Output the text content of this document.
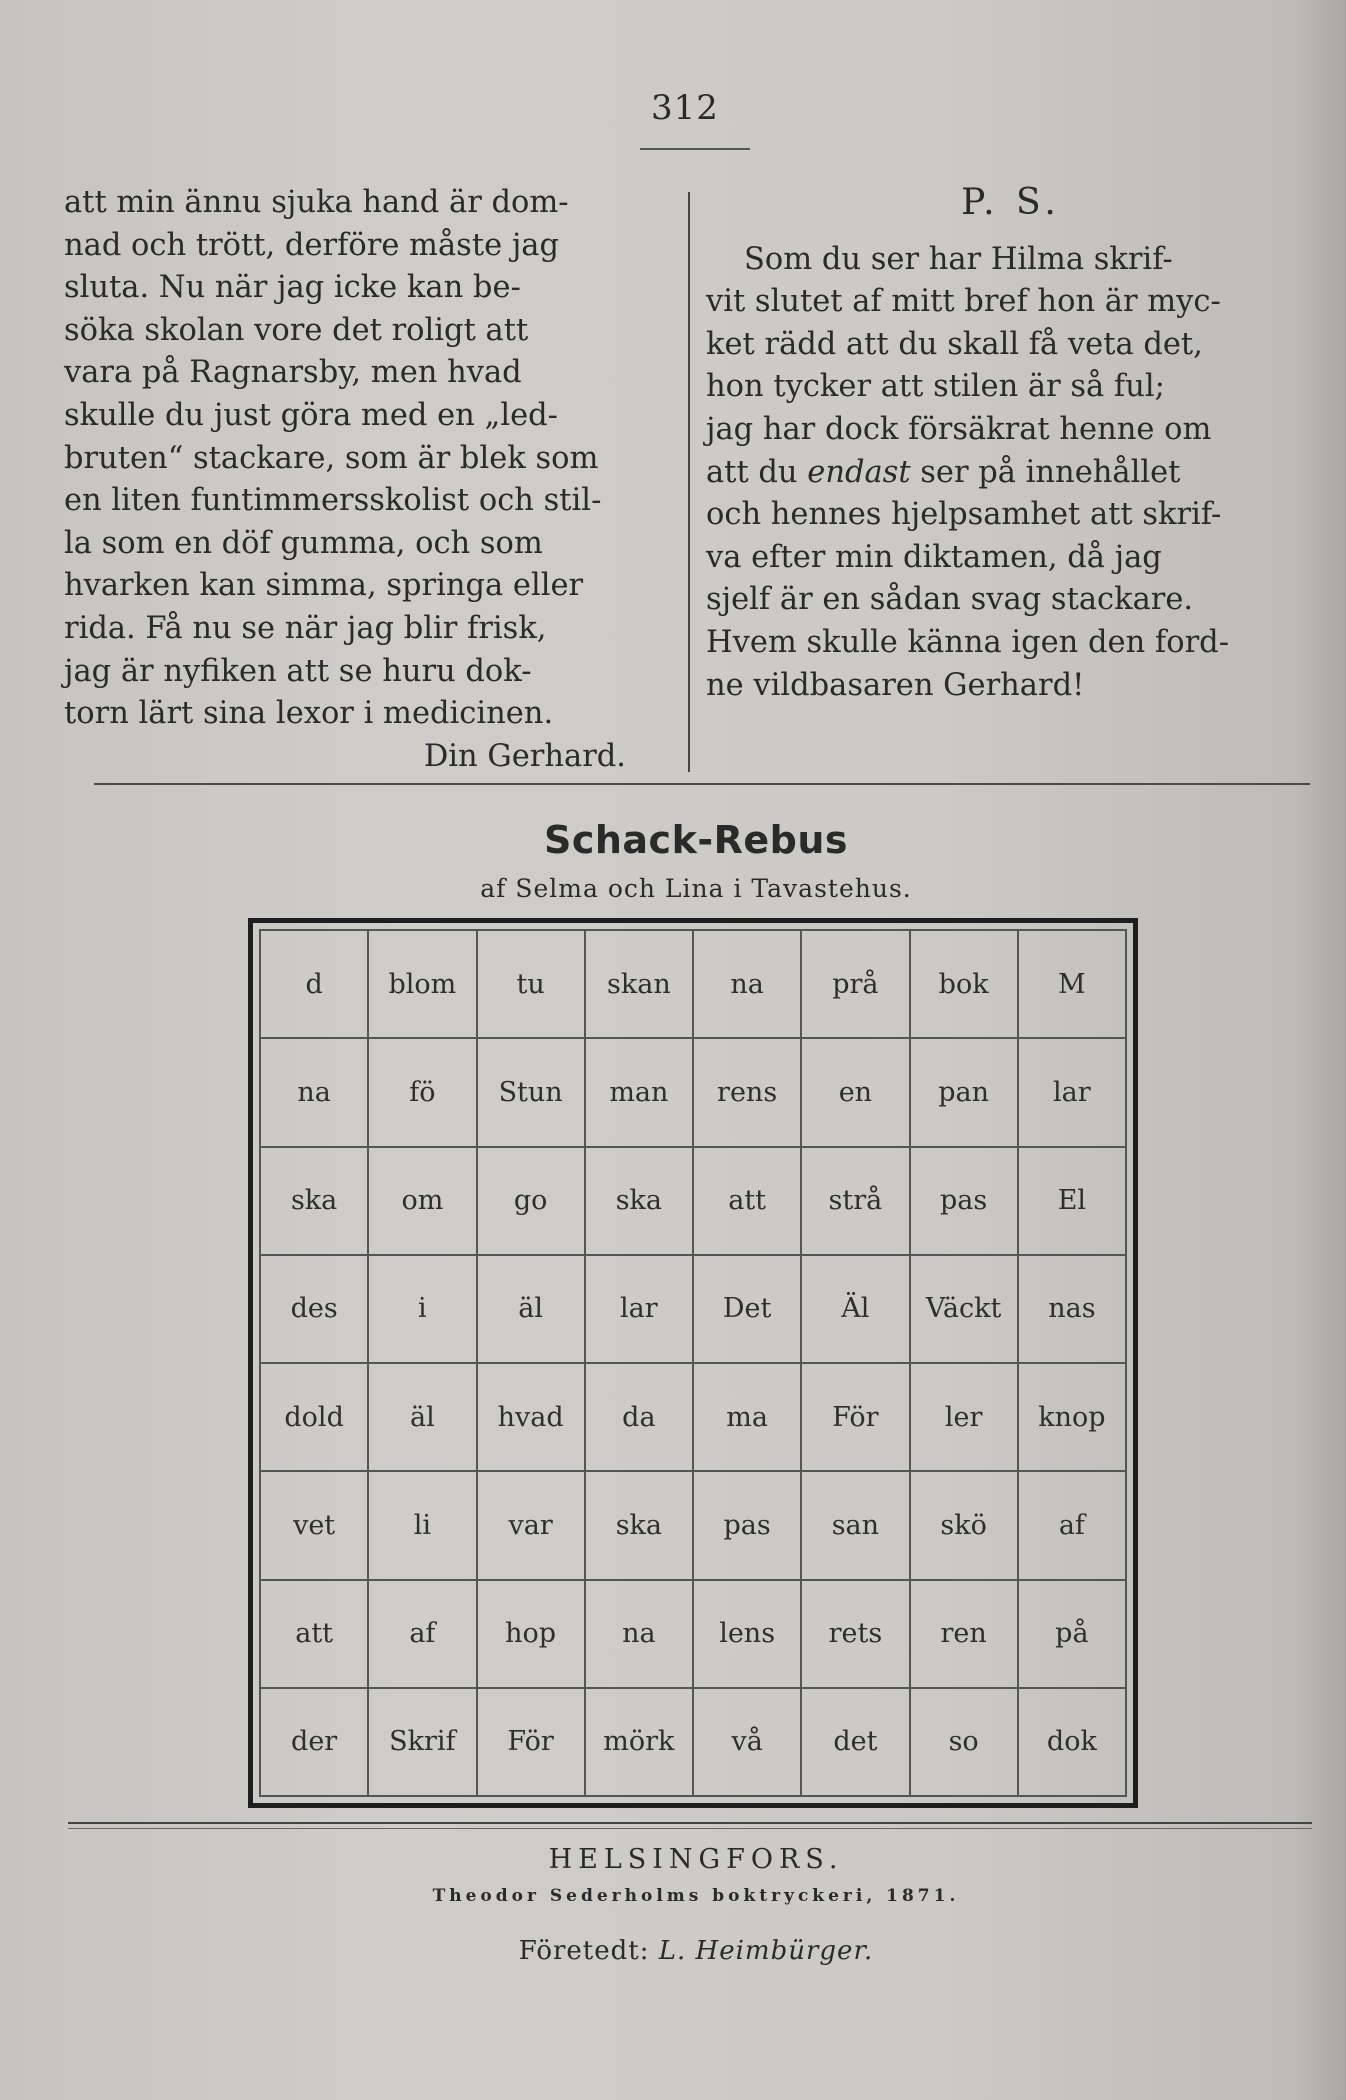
312

att min ännu sjuka hand är dom-

nad och trött, derföre måste jag

sluta. Nu när jag icke kan be-

söka skolan vore det roligt att

vara på Ragnarsby, men hvad

skulle du just göra med en „led-

bruten“ stackare, som är blek som

en liten funtimmersskolist och stil-

la som en döf gumma, och som

hvarken kan simma, springa eller

rida. Få nu se när jag blir frisk,

jag är nyfiken att se huru dok-

torn lärt sina lexor i medicinen.

Din Gerhard.

P. S.

Som du ser har Hilma skrif-

vit slutet af mitt bref hon är myc-

ket rädd att du skall få veta det,

hon tycker att stilen är så ful;

jag har dock försäkrat henne om

att du endast ser på innehållet

och hennes hjelpsamhet att skrif-

va efter min diktamen, då jag

sjelf är en sådan svag stackare.

Hvem skulle känna igen den ford-

ne vildbasaren Gerhard!

Schack-Rebus
af Selma och Lina i Tavastehus.
d	blom	tu	skan	na	prå	bok	M
na	fö	Stun	man	rens	en	pan	lar
ska	om	go	ska	att	strå	pas	El
des	i	äl	lar	Det	Äl	Väckt	nas
dold	äl	hvad	da	ma	För	ler	knop
vet	li	var	ska	pas	san	skö	af
att	af	hop	na	lens	rets	ren	på
der	Skrif	För	mörk	vå	det	so	dok
HELSINGFORS.
Theodor Sederholms boktryckeri, 1871.
Företedt: L. Heimbürger.
